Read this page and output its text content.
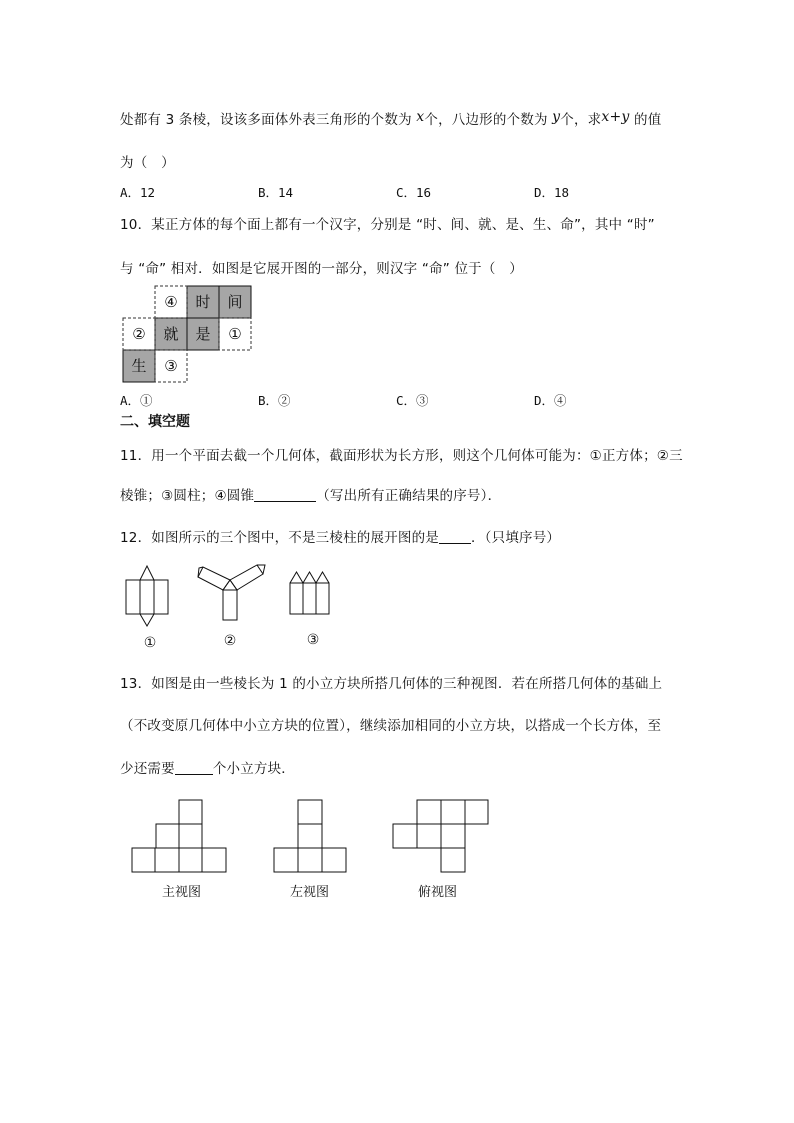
处都有 3 条棱，设该多面体外表三角形的个数为 x个，八边形的个数为 y个，求x+y 的值
为（　）
A．12	B．14	C．16	D．18
10．某正方体的每个面上都有一个汉字，分别是 “时、间、就、是、生、命”，其中 “时”
与 “命” 相对．如图是它展开图的一部分，则汉字 “命” 位于（　）
④ 时 间
② 就 是 ①
生 ③
A．①	B．②	C．③	D．④
二、填空题
11．用一个平面去截一个几何体，截面形状为长方形，则这个几何体可能为：①正方体；②三
棱锥；③圆柱；④圆锥	（写出所有正确结果的序号）．
12．如图所示的三个图中，不是三棱柱的展开图的是 ．（只填序号）
①	②	③
13．如图是由一些棱长为 1 的小立方块所搭几何体的三种视图．若在所搭几何体的基础上
（不改变原几何体中小立方块的位置），继续添加相同的小立方块，以搭成一个长方体，至
少还需要	个小立方块．
主视图	左视图	俯视图
